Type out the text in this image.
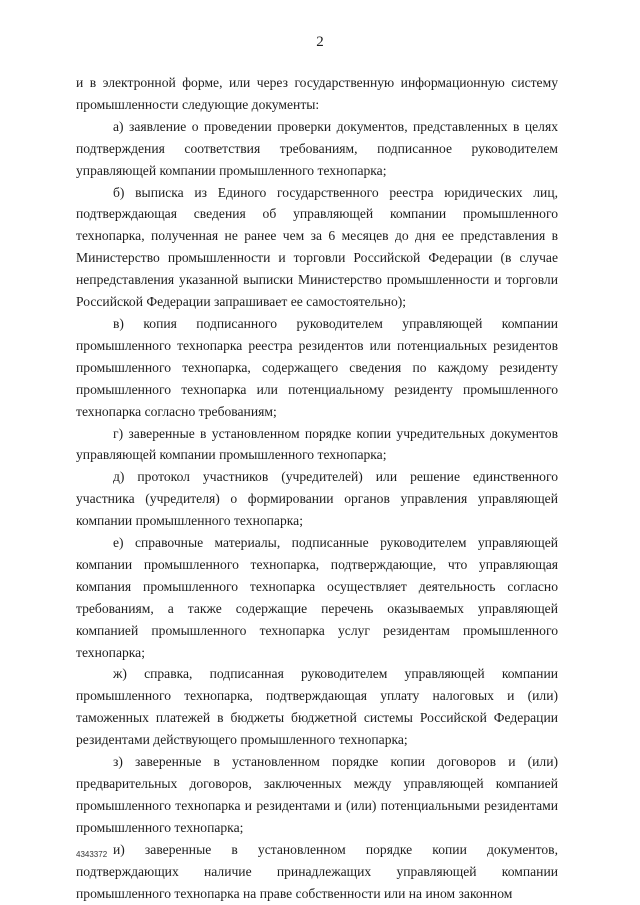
2

и в электронной форме, или через государственную информационную систему промышленности следующие документы:

а) заявление о проведении проверки документов, представленных в целях подтверждения соответствия требованиям, подписанное руководителем управляющей компании промышленного технопарка;

б) выписка из Единого государственного реестра юридических лиц, подтверждающая сведения об управляющей компании промышленного технопарка, полученная не ранее чем за 6 месяцев до дня ее представления в Министерство промышленности и торговли Российской Федерации (в случае непредставления указанной выписки Министерство промышленности и торговли Российской Федерации запрашивает ее самостоятельно);

в) копия подписанного руководителем управляющей компании промышленного технопарка реестра резидентов или потенциальных резидентов промышленного технопарка, содержащего сведения по каждому резиденту промышленного технопарка или потенциальному резиденту промышленного технопарка согласно требованиям;

г) заверенные в установленном порядке копии учредительных документов управляющей компании промышленного технопарка;

д) протокол участников (учредителей) или решение единственного участника (учредителя) о формировании органов управления управляющей компании промышленного технопарка;

е) справочные материалы, подписанные руководителем управляющей компании промышленного технопарка, подтверждающие, что управляющая компания промышленного технопарка осуществляет деятельность согласно требованиям, а также содержащие перечень оказываемых управляющей компанией промышленного технопарка услуг резидентам промышленного технопарка;

ж) справка, подписанная руководителем управляющей компании промышленного технопарка, подтверждающая уплату налоговых и (или) таможенных платежей в бюджеты бюджетной системы Российской Федерации резидентами действующего промышленного технопарка;

з) заверенные в установленном порядке копии договоров и (или) предварительных договоров, заключенных между управляющей компанией промышленного технопарка и резидентами и (или) потенциальными резидентами промышленного технопарка;

и) заверенные в установленном порядке копии документов, подтверждающих наличие принадлежащих управляющей компании промышленного технопарка на праве собственности или на ином законном

4343372
